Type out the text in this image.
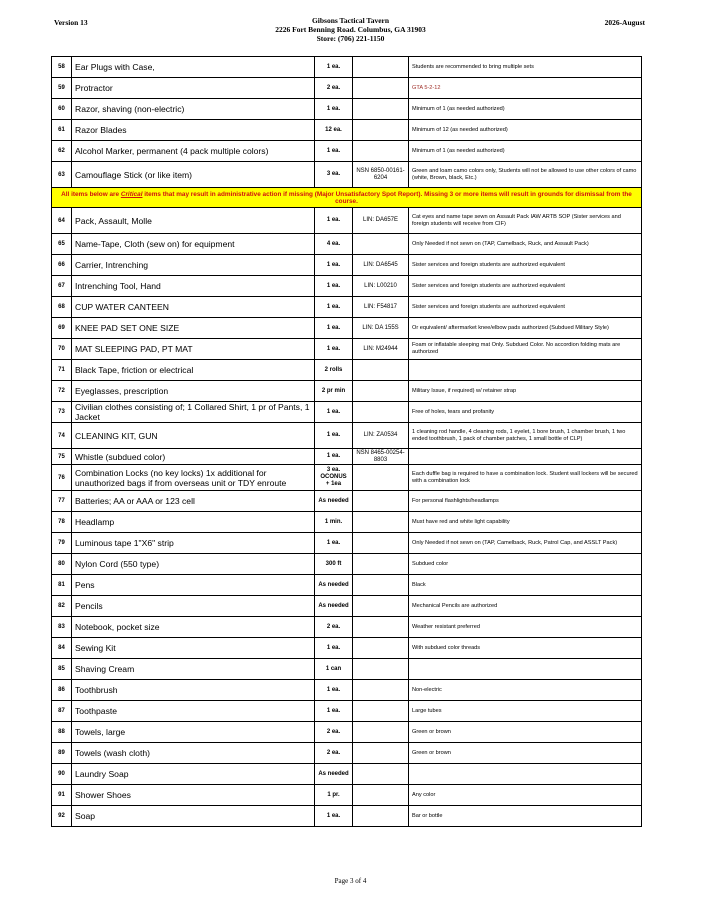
Version 13	Gibsons Tactical Tavern
2226 Fort Benning Road. Columbus, GA 31903
Store: (706) 221-1150
2026-August
58	Ear Plugs with Case,	1 ea.		Students are recommended to bring multiple sets
59	Protractor	2 ea.		GTA 5-2-12
60	Razor, shaving (non-electric)	1 ea.		Minimum of 1 (as needed authorized)
61	Razor Blades	12 ea.		Minimum of 12 (as needed authorized)
62	Alcohol Marker, permanent (4 pack multiple colors)	1 ea.		Minimum of 1 (as needed authorized)
63	Camouflage Stick (or like item)	3 ea.	NSN 6850-00161-6204	Green and loam camo colors only, Students will not be allowed to use other colors of camo (white, Brown, black, Etc.)
All items below are Critical items that may result in administrative action if missing (Major Unsatisfactory Spot Report). Missing 3 or more items will result in grounds for dismissal from the course.				
64	Pack, Assault, Molle	1 ea.	LIN: DA657E	Cat eyes and name tape sewn on Assault Pack IAW ARTB SOP (Sister services and foreign students will receive from CIF)
65	Name-Tape, Cloth (sew on) for equipment	4 ea.		Only Needed if not sewn on (TAP, Camelback, Ruck, and Assault Pack)
66	Carrier, Intrenching	1 ea.	LIN: DA6545	Sister services and foreign students are authorized equivalent
67	Intrenching Tool, Hand	1 ea.	LIN: L00210	Sister services and foreign students are authorized equivalent
68	CUP WATER CANTEEN	1 ea.	LIN: F54817	Sister services and foreign students are authorized equivalent
69	KNEE PAD SET ONE SIZE	1 ea.	LIN: DA 155S	Or equivalent/ aftermarket knee/elbow pads authorized (Subdued Military Style)
70	MAT SLEEPING PAD, PT MAT	1 ea.	LIN: M24944	Foam or inflatable sleeping mat Only. Subdued Color. No accordion folding mats are authorized
71	Black Tape, friction or electrical	2 rolls		
72	Eyeglasses, prescription	2 pr min		Military Issue, if required) w/ retainer strap
73	Civilian clothes consisting of; 1 Collared Shirt, 1 pr of Pants, 1 Jacket	1 ea.		Free of holes, tears and profanity
74	CLEANING KIT, GUN	1 ea.	LIN: ZA0534	1 cleaning rod handle, 4 cleaning rods, 1 eyelet, 1 bore brush, 1 chamber brush, 1 two ended toothbrush, 1 pack of chamber patches, 1 small bottle of CLP)
75	Whistle (subdued color)	1 ea.	NSN 8465-00254-8803	
76	Combination Locks (no key locks) 1x additional for unauthorized bags if from overseas unit or TDY enroute	3 ea. OCONUS + 1ea		Each duffle bag is required to have a combination lock. Student wall lockers will be secured with a combination lock
77	Batteries; AA or AAA or 123 cell	As needed		For personal flashlights/headlamps
78	Headlamp	1 min.		Must have red and white light capability
79	Luminous tape 1"X6" strip	1 ea.		Only Needed if not sewn on (TAP, Camelback, Ruck, Patrol Cap, and ASSLT Pack)
80	Nylon Cord (550 type)	300 ft		Subdued color
81	Pens	As needed		Black
82	Pencils	As needed		Mechanical Pencils are authorized
83	Notebook, pocket size	2 ea.		Weather resistant preferred
84	Sewing Kit	1 ea.		With subdued color threads
85	Shaving Cream	1 can		
86	Toothbrush	1 ea.		Non-electric
87	Toothpaste	1 ea.		Large tubes
88	Towels, large	2 ea.		Green or brown
89	Towels (wash cloth)	2 ea.		Green or brown
90	Laundry Soap	As needed		
91	Shower Shoes	1 pr.		Any color
92	Soap	1 ea.		Bar or bottle
Page 3 of 4
